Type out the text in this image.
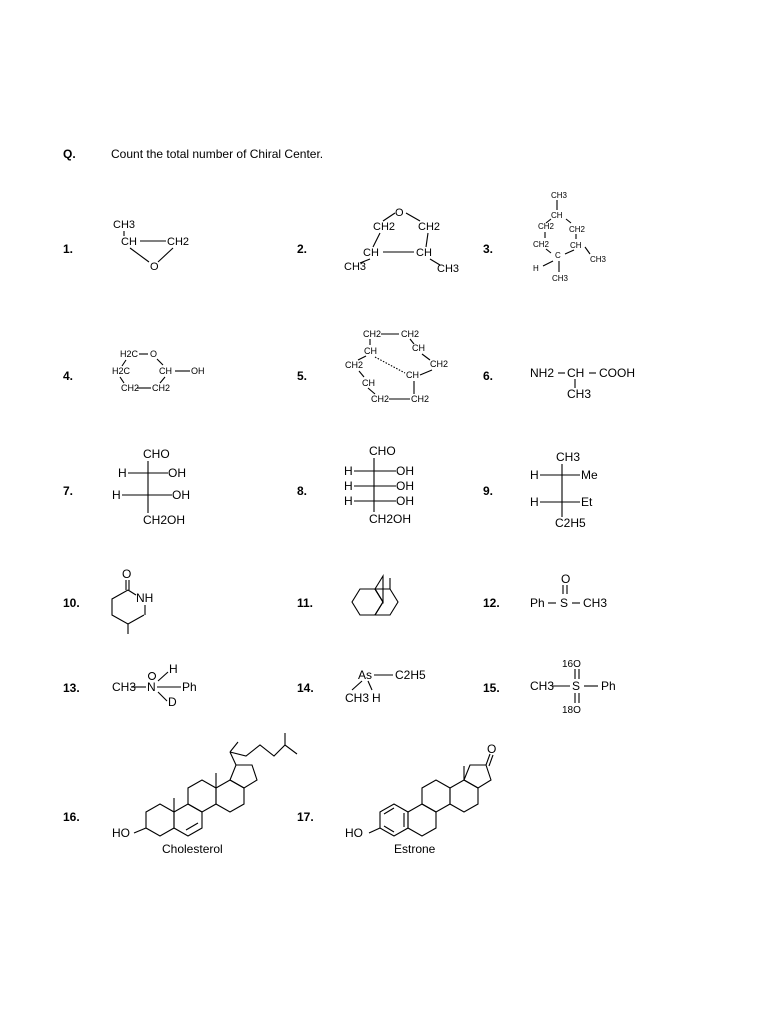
Q.	Count the total number of Chiral Center.
1.	2.	3.
4.	5.	6.
7.	8.	9.
10.	11.	12.
13.	14.	15.
16.	17.
Cholesterol	Estrone
CH3
CH	CH2
O
O
CH2 CH2
CH	CH
CH3	CH3
CH3
CH
CH2 CH2
CH2	CH
CH3
C
H
CH3
H2C O
H2C	CH OH
CH2 CH2
CH2 CH2
CH	CH
CH2	CH2
CH
CH
CH2 CH2
NH2 CH COOH
CH3
CHO
H	OH
H	OH
CH2OH
CHO
H	OH
H	OH
H	OH
CH2OH
CH3
H	Me
H	Et
C2H5
O
NH
O
Ph S CH3
CH3 N
H
Ph
D
As C2H5
CH3 H
16O
CH3 S Ph
18O
HO
O
HO
